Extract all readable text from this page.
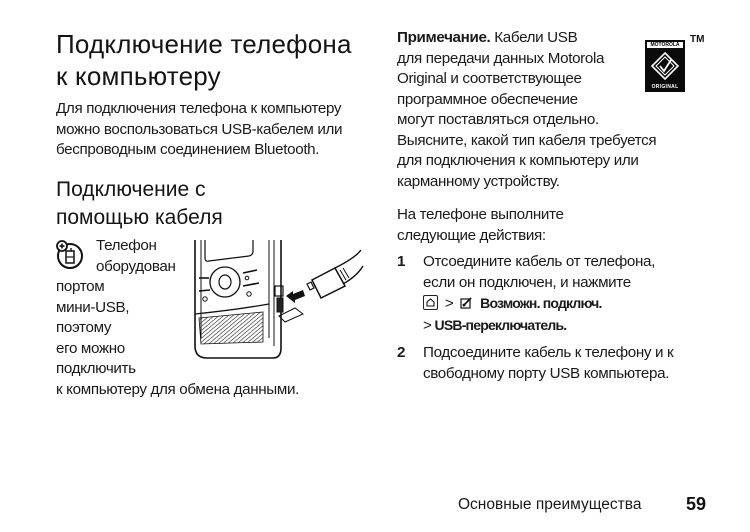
Подключение телефона
к компьютеру
Для подключения телефона к компьютеру
можно воспользоваться USB-кабелем или
беспроводным соединением Bluetooth.
Подключение с
помощью кабеля
Телефон
оборудован
портом
мини-USB,
поэтому
его можно
подключить
к компьютеру для обмена данными.
Примечание. Кабели USB
для передачи данных Motorola
Original и соответствующее
программное обеспечение
могут поставляться отдельно.
Выясните, какой тип кабеля требуется
для подключения к компьютеру или
карманному устройству.
MOTOROLA
ORIGINAL
TM
На телефоне выполните
следующие действия:
1 Отсоедините кабель от телефона,
если он подключен, и нажмите
> Возможн. подключ.
> USB-переключатель.
2 Подсоедините кабель к телефону и к
свободному порту USB компьютера.
Основные преимущества 59
